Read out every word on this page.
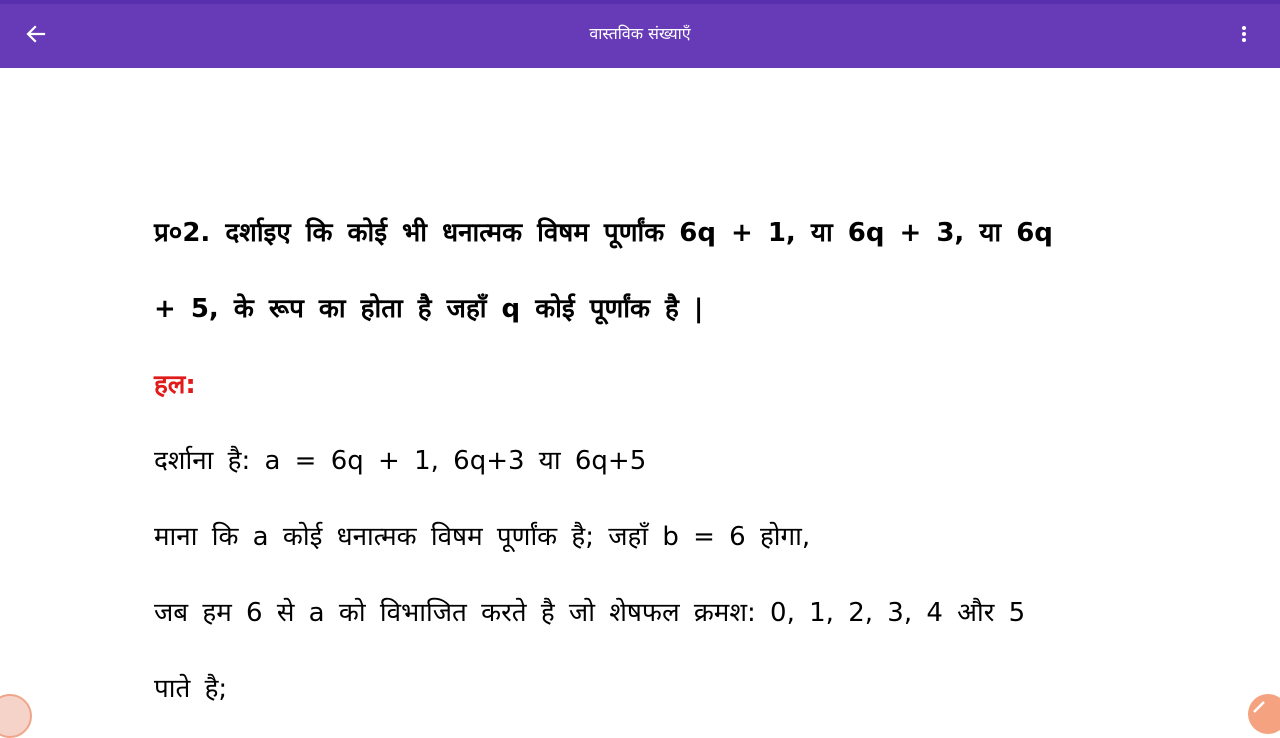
वास्तविक संख्याएँ

प्र०2. दर्शाइए कि कोई भी धनात्मक विषम पूर्णांक 6q + 1, या 6q + 3, या 6q

+ 5, के रूप का होता है जहाँ q कोई पूर्णांक है |

हल:
दर्शाना है: a = 6q + 1, 6q+3 या 6q+5
माना कि a कोई धनात्मक विषम पूर्णांक है; जहाँ b = 6 होगा,
जब हम 6 से a को विभाजित करते है जो शेषफल क्रमश: 0, 1, 2, 3, 4 और 5
पाते है;
